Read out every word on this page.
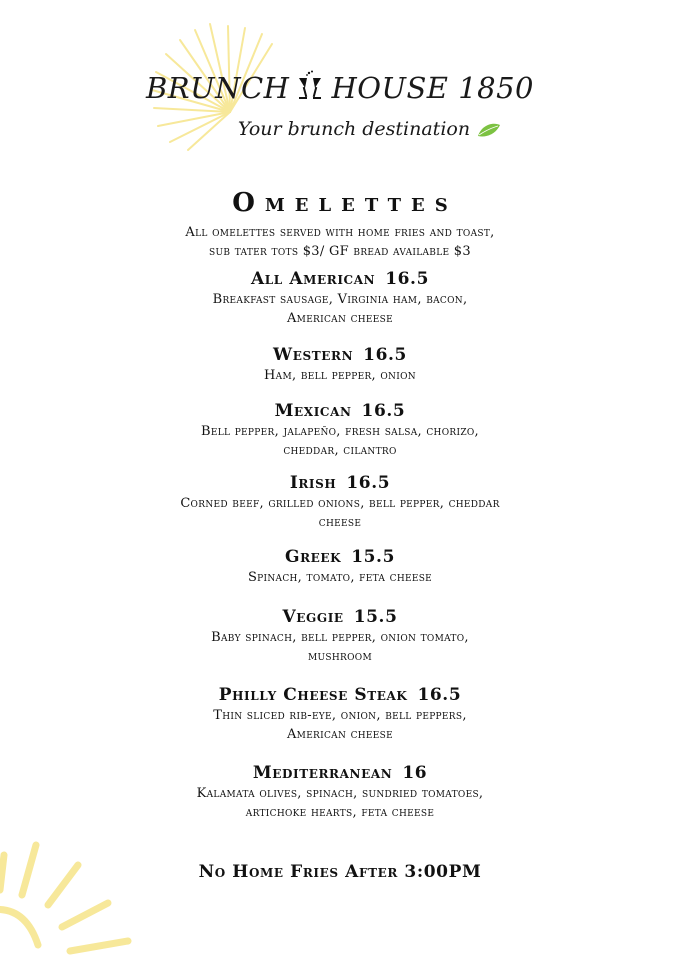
BRUNCH HOUSE 1850
Your brunch destination
Omelettes
All omelettes served with home fries and toast,
sub tater tots $3/ GF bread available $3
All American 16.5
Breakfast sausage, Virginia ham, bacon,
American cheese
Western 16.5
Ham, bell pepper, onion
Mexican 16.5
Bell pepper, jalapeño, fresh salsa, chorizo,
cheddar, cilantro
Irish 16.5
Corned beef, grilled onions, bell pepper, cheddar
cheese
Greek 15.5
Spinach, tomato, feta cheese
Veggie 15.5
Baby spinach, bell pepper, onion tomato,
mushroom
Philly Cheese Steak 16.5
Thin sliced rib-eye, onion, bell peppers,
American cheese
Mediterranean 16
Kalamata olives, spinach, sundried tomatoes,
artichoke hearts, feta cheese
No Home Fries After 3:00PM
